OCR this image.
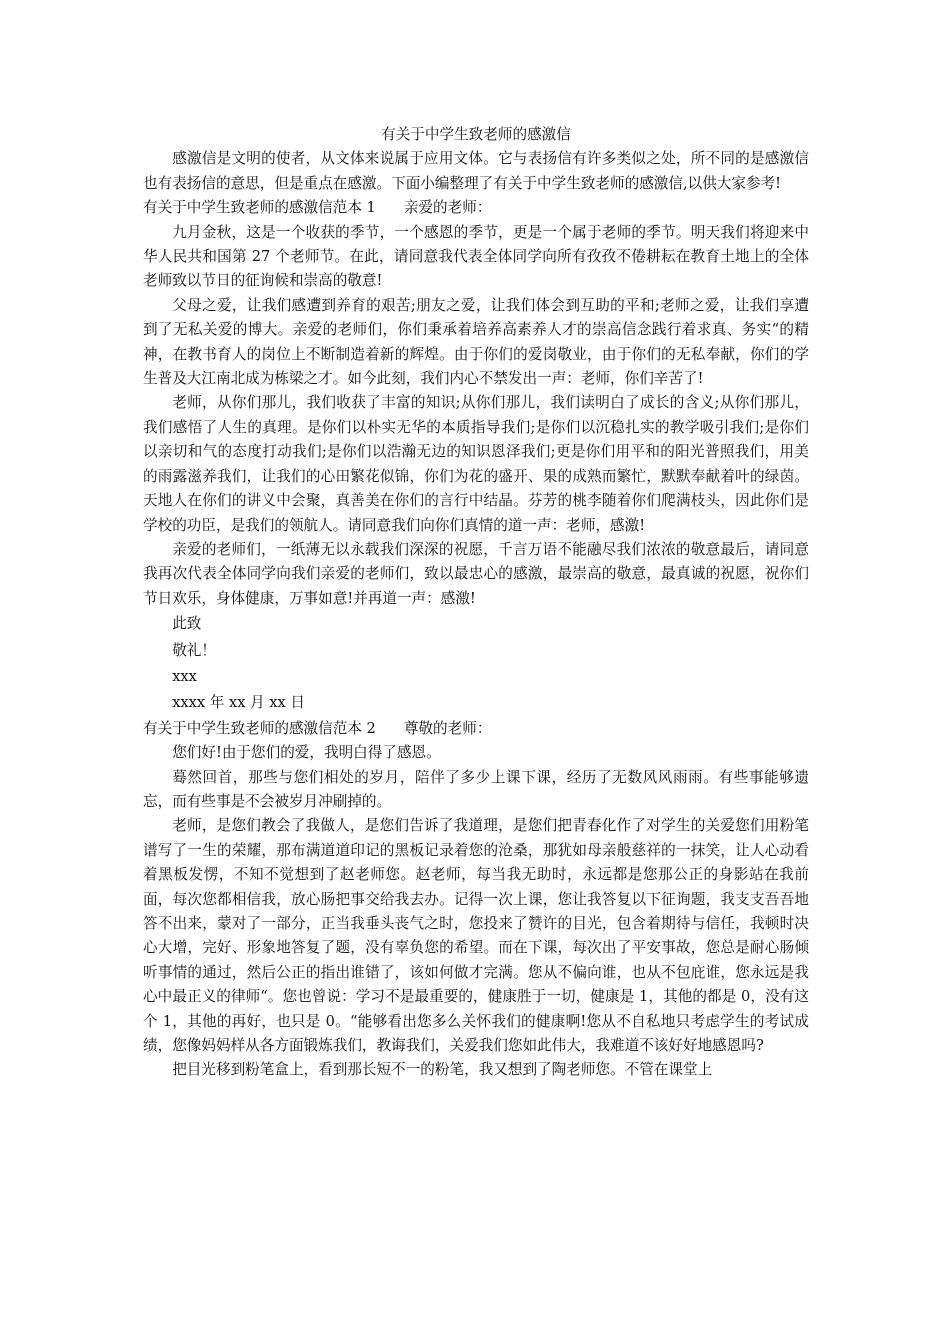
有关于中学生致老师的感激信

感激信是文明的使者，从文体来说属于应用文体。它与表扬信有许多类似之处，所不同的是感激信也有表扬信的意思，但是重点在感激。下面小编整理了有关于中学生致老师的感激信,以供大家参考!

有关于中学生致老师的感激信范本 1 亲爱的老师：

九月金秋，这是一个收获的季节，一个感恩的季节，更是一个属于老师的季节。明天我们将迎来中华人民共和国第 27 个老师节。在此，请同意我代表全体同学向所有孜孜不倦耕耘在教育土地上的全体老师致以节日的征询候和崇高的敬意!

父母之爱，让我们感遭到养育的艰苦;朋友之爱，让我们体会到互助的平和;老师之爱，让我们享遭到了无私关爱的博大。亲爱的老师们，你们秉承着培养高素养人才的崇高信念践行着求真、务实“的精神，在教书育人的岗位上不断制造着新的辉煌。由于你们的爱岗敬业，由于你们的无私奉献，你们的学生普及大江南北成为栋梁之才。如今此刻，我们内心不禁发出一声：老师，你们辛苦了!

老师，从你们那儿，我们收获了丰富的知识;从你们那儿，我们读明白了成长的含义;从你们那儿，我们感悟了人生的真理。是你们以朴实无华的本质指导我们;是你们以沉稳扎实的教学吸引我们;是你们以亲切和气的态度打动我们;是你们以浩瀚无边的知识恩泽我们;更是你们用平和的阳光普照我们，用美的雨露滋养我们，让我们的心田繁花似锦，你们为花的盛开、果的成熟而繁忙，默默奉献着叶的绿茵。天地人在你们的讲义中会聚，真善美在你们的言行中结晶。芬芳的桃李随着你们爬满枝头，因此你们是学校的功臣，是我们的领航人。请同意我们向你们真情的道一声：老师，感激!

亲爱的老师们，一纸薄无以永载我们深深的祝愿，千言万语不能融尽我们浓浓的敬意最后，请同意我再次代表全体同学向我们亲爱的老师们，致以最忠心的感激，最崇高的敬意，最真诚的祝愿，祝你们节日欢乐，身体健康，万事如意!并再道一声：感激!

此致

敬礼！

xxx

xxxx 年 xx 月 xx 日

有关于中学生致老师的感激信范本 2 尊敬的老师：

您们好!由于您们的爱，我明白得了感恩。

蓦然回首，那些与您们相处的岁月，陪伴了多少上课下课，经历了无数风风雨雨。有些事能够遗忘，而有些事是不会被岁月冲刷掉的。

老师，是您们教会了我做人，是您们告诉了我道理，是您们把青春化作了对学生的关爱您们用粉笔谱写了一生的荣耀，那布满道道印记的黑板记录着您的沧桑，那犹如母亲般慈祥的一抹笑，让人心动看着黑板发愣，不知不觉想到了赵老师您。赵老师，每当我无助时，永远都是您那公正的身影站在我前面，每次您都相信我，放心肠把事交给我去办。记得一次上课，您让我答复以下征询题，我支支吾吾地答不出来，蒙对了一部分，正当我垂头丧气之时，您投来了赞许的目光，包含着期待与信任，我顿时决心大增，完好、形象地答复了题，没有辜负您的希望。而在下课，每次出了平安事故，您总是耐心肠倾听事情的通过，然后公正的指出谁错了，该如何做才完满。您从不偏向谁，也从不包庇谁，您永远是我心中最正义的律师“。您也曾说：学习不是最重要的，健康胜于一切，健康是 1，其他的都是 0，没有这个 1，其他的再好，也只是 0。“能够看出您多么关怀我们的健康啊!您从不自私地只考虑学生的考试成绩，您像妈妈样从各方面锻炼我们，教诲我们，关爱我们您如此伟大，我难道不该好好地感恩吗?

把目光移到粉笔盒上，看到那长短不一的粉笔，我又想到了陶老师您。不管在课堂上
